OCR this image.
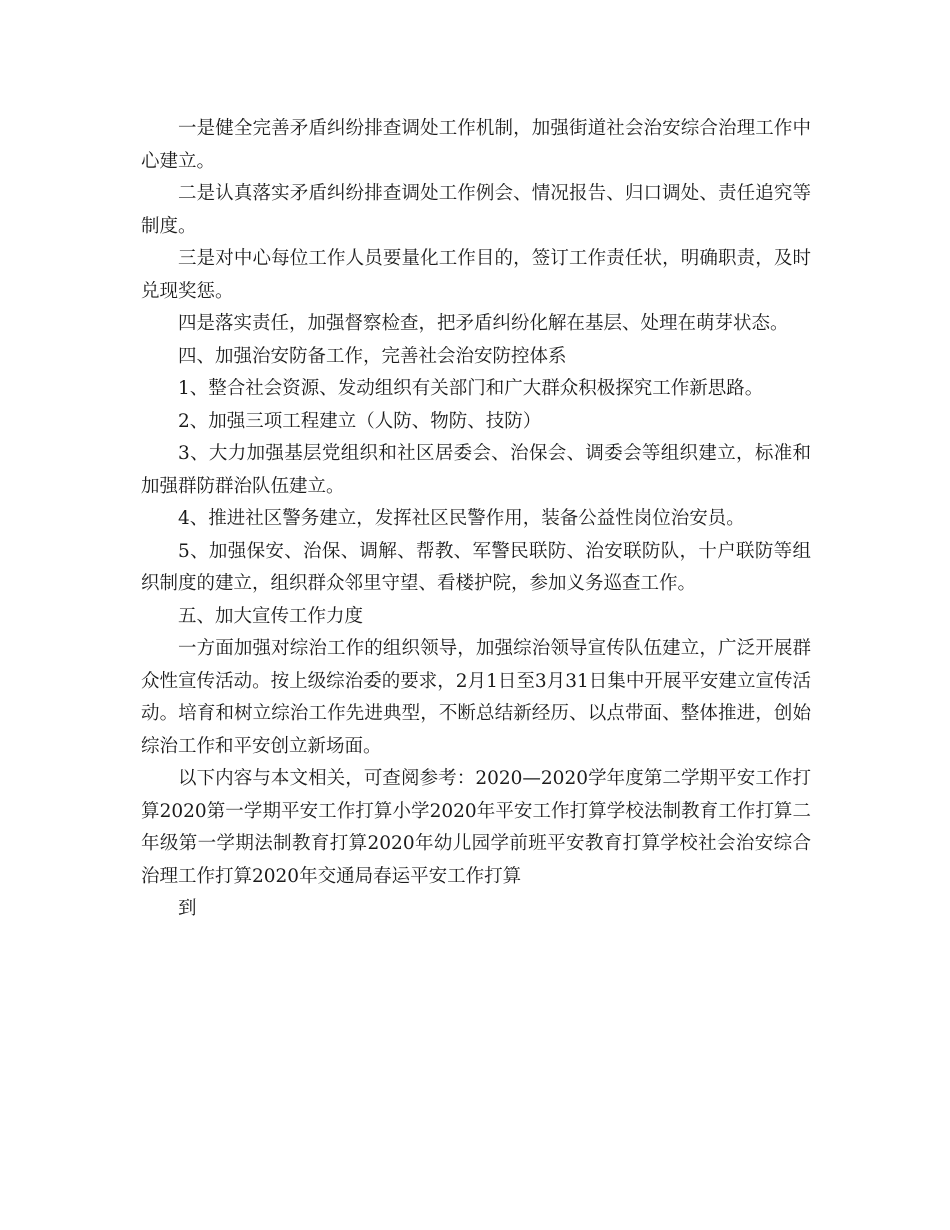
一是健全完善矛盾纠纷排查调处工作机制，加强街道社会治安综合治理工作中心建立。

二是认真落实矛盾纠纷排查调处工作例会、情况报告、归口调处、责任追究等制度。

三是对中心每位工作人员要量化工作目的，签订工作责任状，明确职责，及时兑现奖惩。

四是落实责任，加强督察检查，把矛盾纠纷化解在基层、处理在萌芽状态。

四、加强治安防备工作，完善社会治安防控体系

1、整合社会资源、发动组织有关部门和广大群众积极探究工作新思路。

2、加强三项工程建立（人防、物防、技防）

3、大力加强基层党组织和社区居委会、治保会、调委会等组织建立，标准和加强群防群治队伍建立。

4、推进社区警务建立，发挥社区民警作用，装备公益性岗位治安员。

5、加强保安、治保、调解、帮教、军警民联防、治安联防队，十户联防等组织制度的建立，组织群众邻里守望、看楼护院，参加义务巡查工作。

五、加大宣传工作力度

一方面加强对综治工作的组织领导，加强综治领导宣传队伍建立，广泛开展群众性宣传活动。按上级综治委的要求，2月1日至3月31日集中开展平安建立宣传活动。培育和树立综治工作先进典型，不断总结新经历、以点带面、整体推进，创始综治工作和平安创立新场面。

以下内容与本文相关，可查阅参考：2020—2020学年度第二学期平安工作打算2020第一学期平安工作打算小学2020年平安工作打算学校法制教育工作打算二年级第一学期法制教育打算2020年幼儿园学前班平安教育打算学校社会治安综合治理工作打算2020年交通局春运平安工作打算

到
